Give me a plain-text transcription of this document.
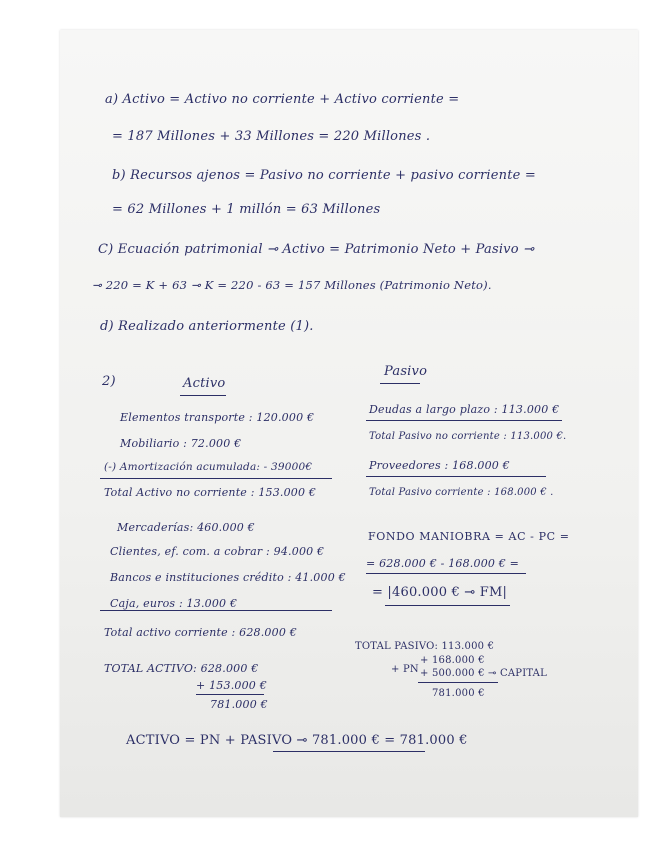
a) Activo = Activo no corriente + Activo corriente =
= 187 Millones + 33 Millones = 220 Millones .
b) Recursos ajenos = Pasivo no corriente + pasivo corriente =
= 62 Millones + 1 millón = 63 Millones
C) Ecuación patrimonial ⊸ Activo = Patrimonio Neto + Pasivo ⊸
⊸ 220 = K + 63 ⊸ K = 220 - 63 = 157 Millones (Patrimonio Neto).
d) Realizado anteriormente (1).
2)	Activo
Pasivo
Elementos transporte : 120.000 €
Mobiliario : 72.000 €
(-) Amortización acumulada: - 39000€
Total Activo no corriente : 153.000 €
Mercaderías: 460.000 €
Clientes, ef. com. a cobrar : 94.000 €
Bancos e instituciones crédito : 41.000 €
Caja, euros : 13.000 €
Total activo corriente : 628.000 €
TOTAL ACTIVO: 628.000 €
+ 153.000 €
781.000 €
Deudas a largo plazo : 113.000 €
Total Pasivo no corriente : 113.000 €.
Proveedores : 168.000 €
Total Pasivo corriente : 168.000 € .
FONDO MANIOBRA = AC - PC =
= 628.000 € - 168.000 € =
= |460.000 € ⊸ FM|
TOTAL PASIVO: 113.000 €
+ 168.000 €
+ PN + 500.000 € ⊸ CAPITAL
781.000 €
ACTIVO = PN + PASIVO ⊸ 781.000 € = 781.000 €
